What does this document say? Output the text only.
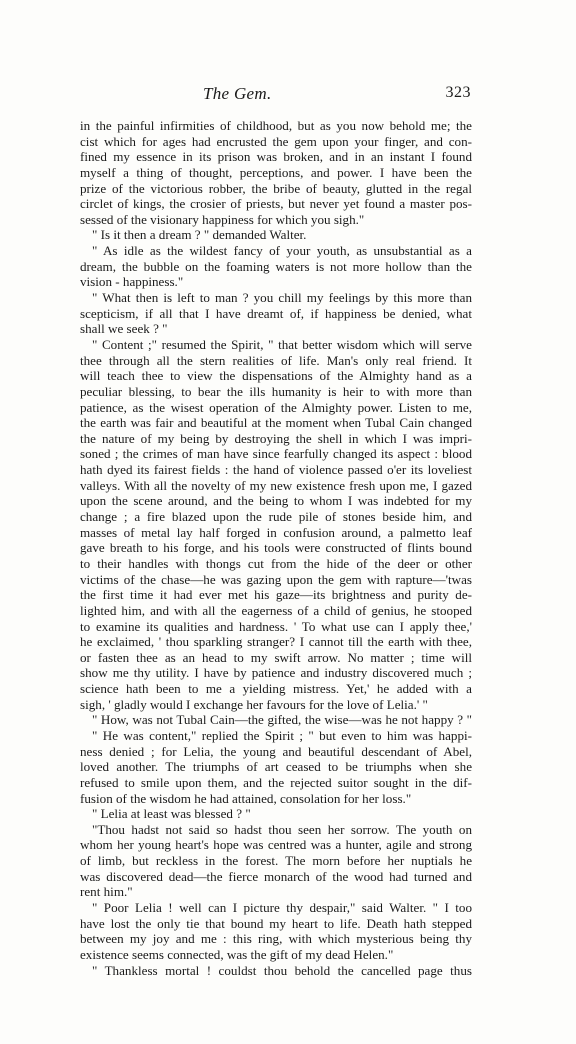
The Gem.	323
in the painful infirmities of childhood, but as you now behold me; the
cist which for ages had encrusted the gem upon your finger, and con-
fined my essence in its prison was broken, and in an instant I found
myself a thing of thought, perceptions, and power. I have been the
prize of the victorious robber, the bribe of beauty, glutted in the regal
circlet of kings, the crosier of priests, but never yet found a master pos-
sessed of the visionary happiness for which you sigh."
" Is it then a dream ? " demanded Walter.
" As idle as the wildest fancy of your youth, as unsubstantial as a
dream, the bubble on the foaming waters is not more hollow than the
vision - happiness."
" What then is left to man ? you chill my feelings by this more than
scepticism, if all that I have dreamt of, if happiness be denied, what
shall we seek ? "
" Content ;" resumed the Spirit, " that better wisdom which will serve
thee through all the stern realities of life. Man's only real friend. It
will teach thee to view the dispensations of the Almighty hand as a
peculiar blessing, to bear the ills humanity is heir to with more than
patience, as the wisest operation of the Almighty power. Listen to me,
the earth was fair and beautiful at the moment when Tubal Cain changed
the nature of my being by destroying the shell in which I was impri-
soned ; the crimes of man have since fearfully changed its aspect : blood
hath dyed its fairest fields : the hand of violence passed o'er its loveliest
valleys. With all the novelty of my new existence fresh upon me, I gazed
upon the scene around, and the being to whom I was indebted for my
change ; a fire blazed upon the rude pile of stones beside him, and
masses of metal lay half forged in confusion around, a palmetto leaf
gave breath to his forge, and his tools were constructed of flints bound
to their handles with thongs cut from the hide of the deer or other
victims of the chase—he was gazing upon the gem with rapture—'twas
the first time it had ever met his gaze—its brightness and purity de-
lighted him, and with all the eagerness of a child of genius, he stooped
to examine its qualities and hardness. ' To what use can I apply thee,'
he exclaimed, ' thou sparkling stranger? I cannot till the earth with thee,
or fasten thee as an head to my swift arrow. No matter ; time will
show me thy utility. I have by patience and industry discovered much ;
science hath been to me a yielding mistress. Yet,' he added with a
sigh, ' gladly would I exchange her favours for the love of Lelia.' "
" How, was not Tubal Cain—the gifted, the wise—was he not happy ? "
" He was content," replied the Spirit ; " but even to him was happi-
ness denied ; for Lelia, the young and beautiful descendant of Abel,
loved another. The triumphs of art ceased to be triumphs when she
refused to smile upon them, and the rejected suitor sought in the dif-
fusion of the wisdom he had attained, consolation for her loss."
" Lelia at least was blessed ? "
"Thou hadst not said so hadst thou seen her sorrow. The youth on
whom her young heart's hope was centred was a hunter, agile and strong
of limb, but reckless in the forest. The morn before her nuptials he
was discovered dead—the fierce monarch of the wood had turned and
rent him."
" Poor Lelia ! well can I picture thy despair," said Walter. " I too
have lost the only tie that bound my heart to life. Death hath stepped
between my joy and me : this ring, with which mysterious being thy
existence seems connected, was the gift of my dead Helen."
" Thankless mortal ! couldst thou behold the cancelled page thus
